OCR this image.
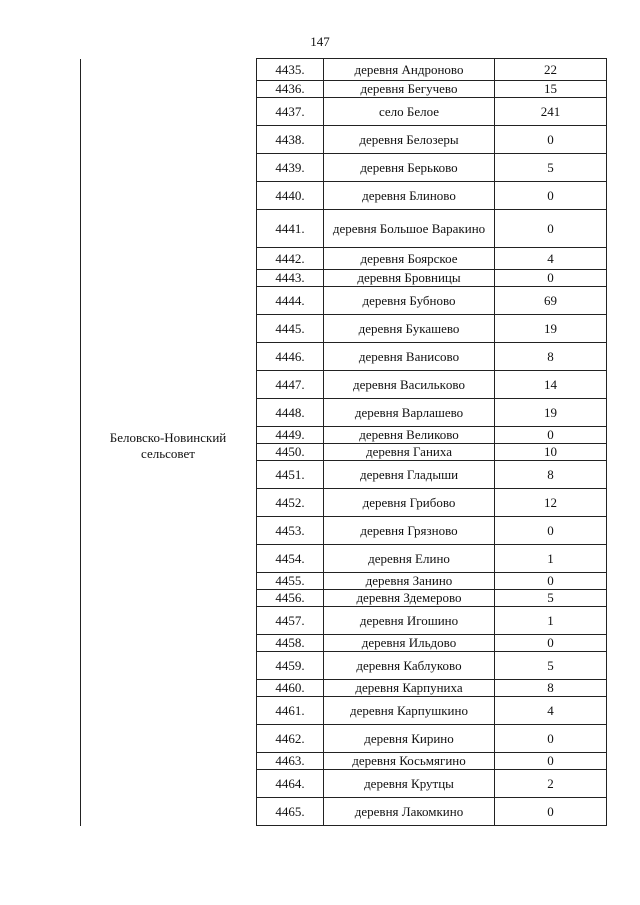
147
	4435.	деревня Андроново	22
	4436.	деревня Бегучево	15
	4437.	село Белое	241
	4438.	деревня Белозеры	0
	4439.	деревня Берьково	5
	4440.	деревня Блиново	0
	4441.	деревня Большое Варакино	0
	4442.	деревня Боярское	4
	4443.	деревня Бровницы	0
	4444.	деревня Бубново	69
	4445.	деревня Букашево	19
	4446.	деревня Ванисово	8
	4447.	деревня Василькoво	14
	4448.	деревня Варлашево	19
	4449.	деревня Великово	0
	4450.	деревня Ганиха	10
	4451.	деревня Гладыши	8
	4452.	деревня Грибово	12
	4453.	деревня Грязново	0
	4454.	деревня Елино	1
	4455.	деревня Занино	0
	4456.	деревня Здемерово	5
	4457.	деревня Игошино	1
	4458.	деревня Ильдово	0
	4459.	деревня Каблуково	5
	4460.	деревня Карпуниха	8
	4461.	деревня Карпушкино	4
	4462.	деревня Кирино	0
	4463.	деревня Косьмягино	0
	4464.	деревня Крутцы	2
	4465.	деревня Лакомкино	0
Беловско-Новинский
сельсовет
